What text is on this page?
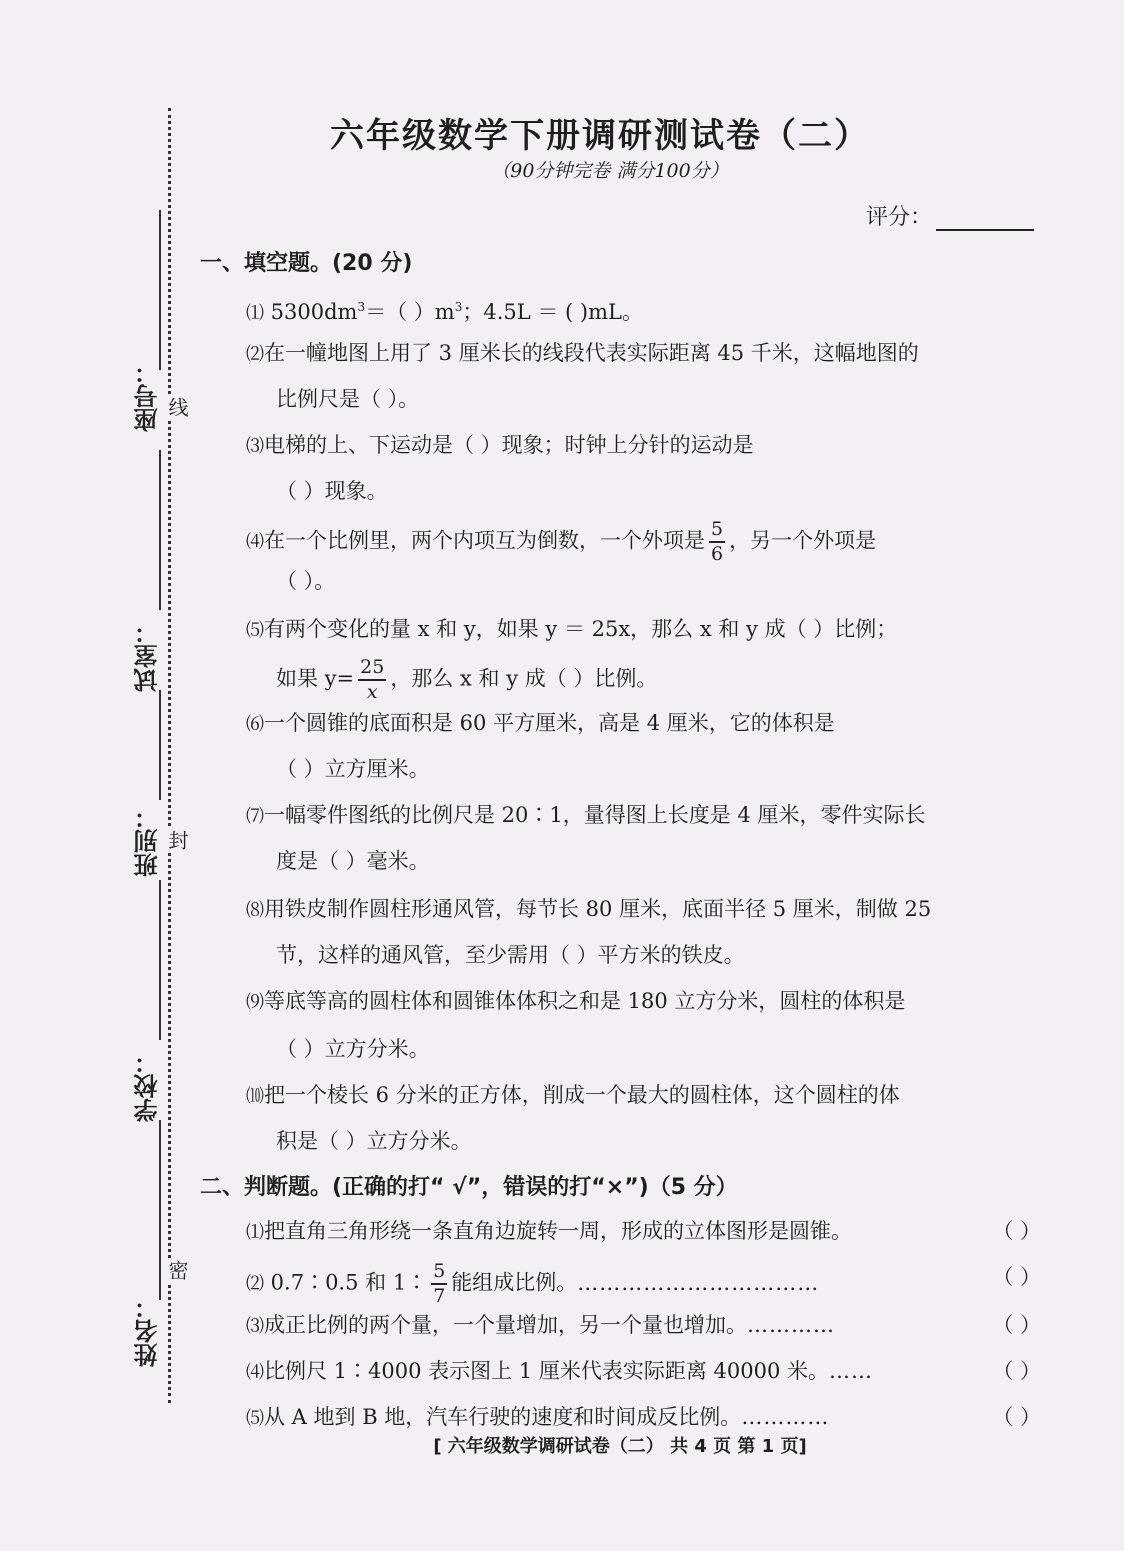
座号： 线
试室：
班别： 封
学校：
姓名：
密
六年级数学下册调研测试卷（二）
（90分钟完卷 满分100分）
评分：
一、填空题。(20 分)
⑴ $5300dm^3=$（ ）$m^3$；4.5L ＝ ( )mL。
⑵在一幢地图上用了 3 厘米长的线段代表实际距离 45 千米，这幅地图的
比例尺是（ ）。
⑶电梯的上、下运动是（ ）现象；时钟上分针的运动是
（ ）现象。
⑷在一个比例里，两个内项互为倒数，一个外项是 $\frac{5}{6}$ ，另一个外项是
（ ）。
⑸有两个变化的量 x 和 y，如果 y ＝ 25x，那么 x 和 y 成（ ）比例；
如果 $y= \frac{25}{x}$ ，那么 x 和 y 成（ ）比例。
⑹一个圆锥的底面积是 60 平方厘米，高是 4 厘米，它的体积是
（ ）立方厘米。
⑺一幅零件图纸的比例尺是 20∶1，量得图上长度是 4 厘米，零件实际长
度是（ ）毫米。
⑻用铁皮制作圆柱形通风管，每节长 80 厘米，底面半径 5 厘米，制做 25
节，这样的通风管，至少需用（ ）平方米的铁皮。
⑼等底等高的圆柱体和圆锥体体积之和是 180 立方分米，圆柱的体积是
（ ）立方分米。
⑽把一个棱长 6 分米的正方体，削成一个最大的圆柱体，这个圆柱的体
积是（ ）立方分米。
二、判断题。(正确的打“ √”，错误的打“×”)（5 分）
⑴把直角三角形绕一条直角边旋转一周，形成的立体图形是圆锥。	（ ）
⑵ 0.7∶0.5 和 1∶ $\frac{5}{7}$ 能组成比例。……………………………	（ ）
⑶成正比例的两个量，一个量增加，另一个量也增加。…………	（ ）
⑷比例尺 1∶4000 表示图上 1 厘米代表实际距离 40000 米。……	（ ）
⑸从 A 地到 B 地，汽车行驶的速度和时间成反比例。…………	（ ）
[ 六年级数学调研试卷（二） 共 4 页 第 1 页]
